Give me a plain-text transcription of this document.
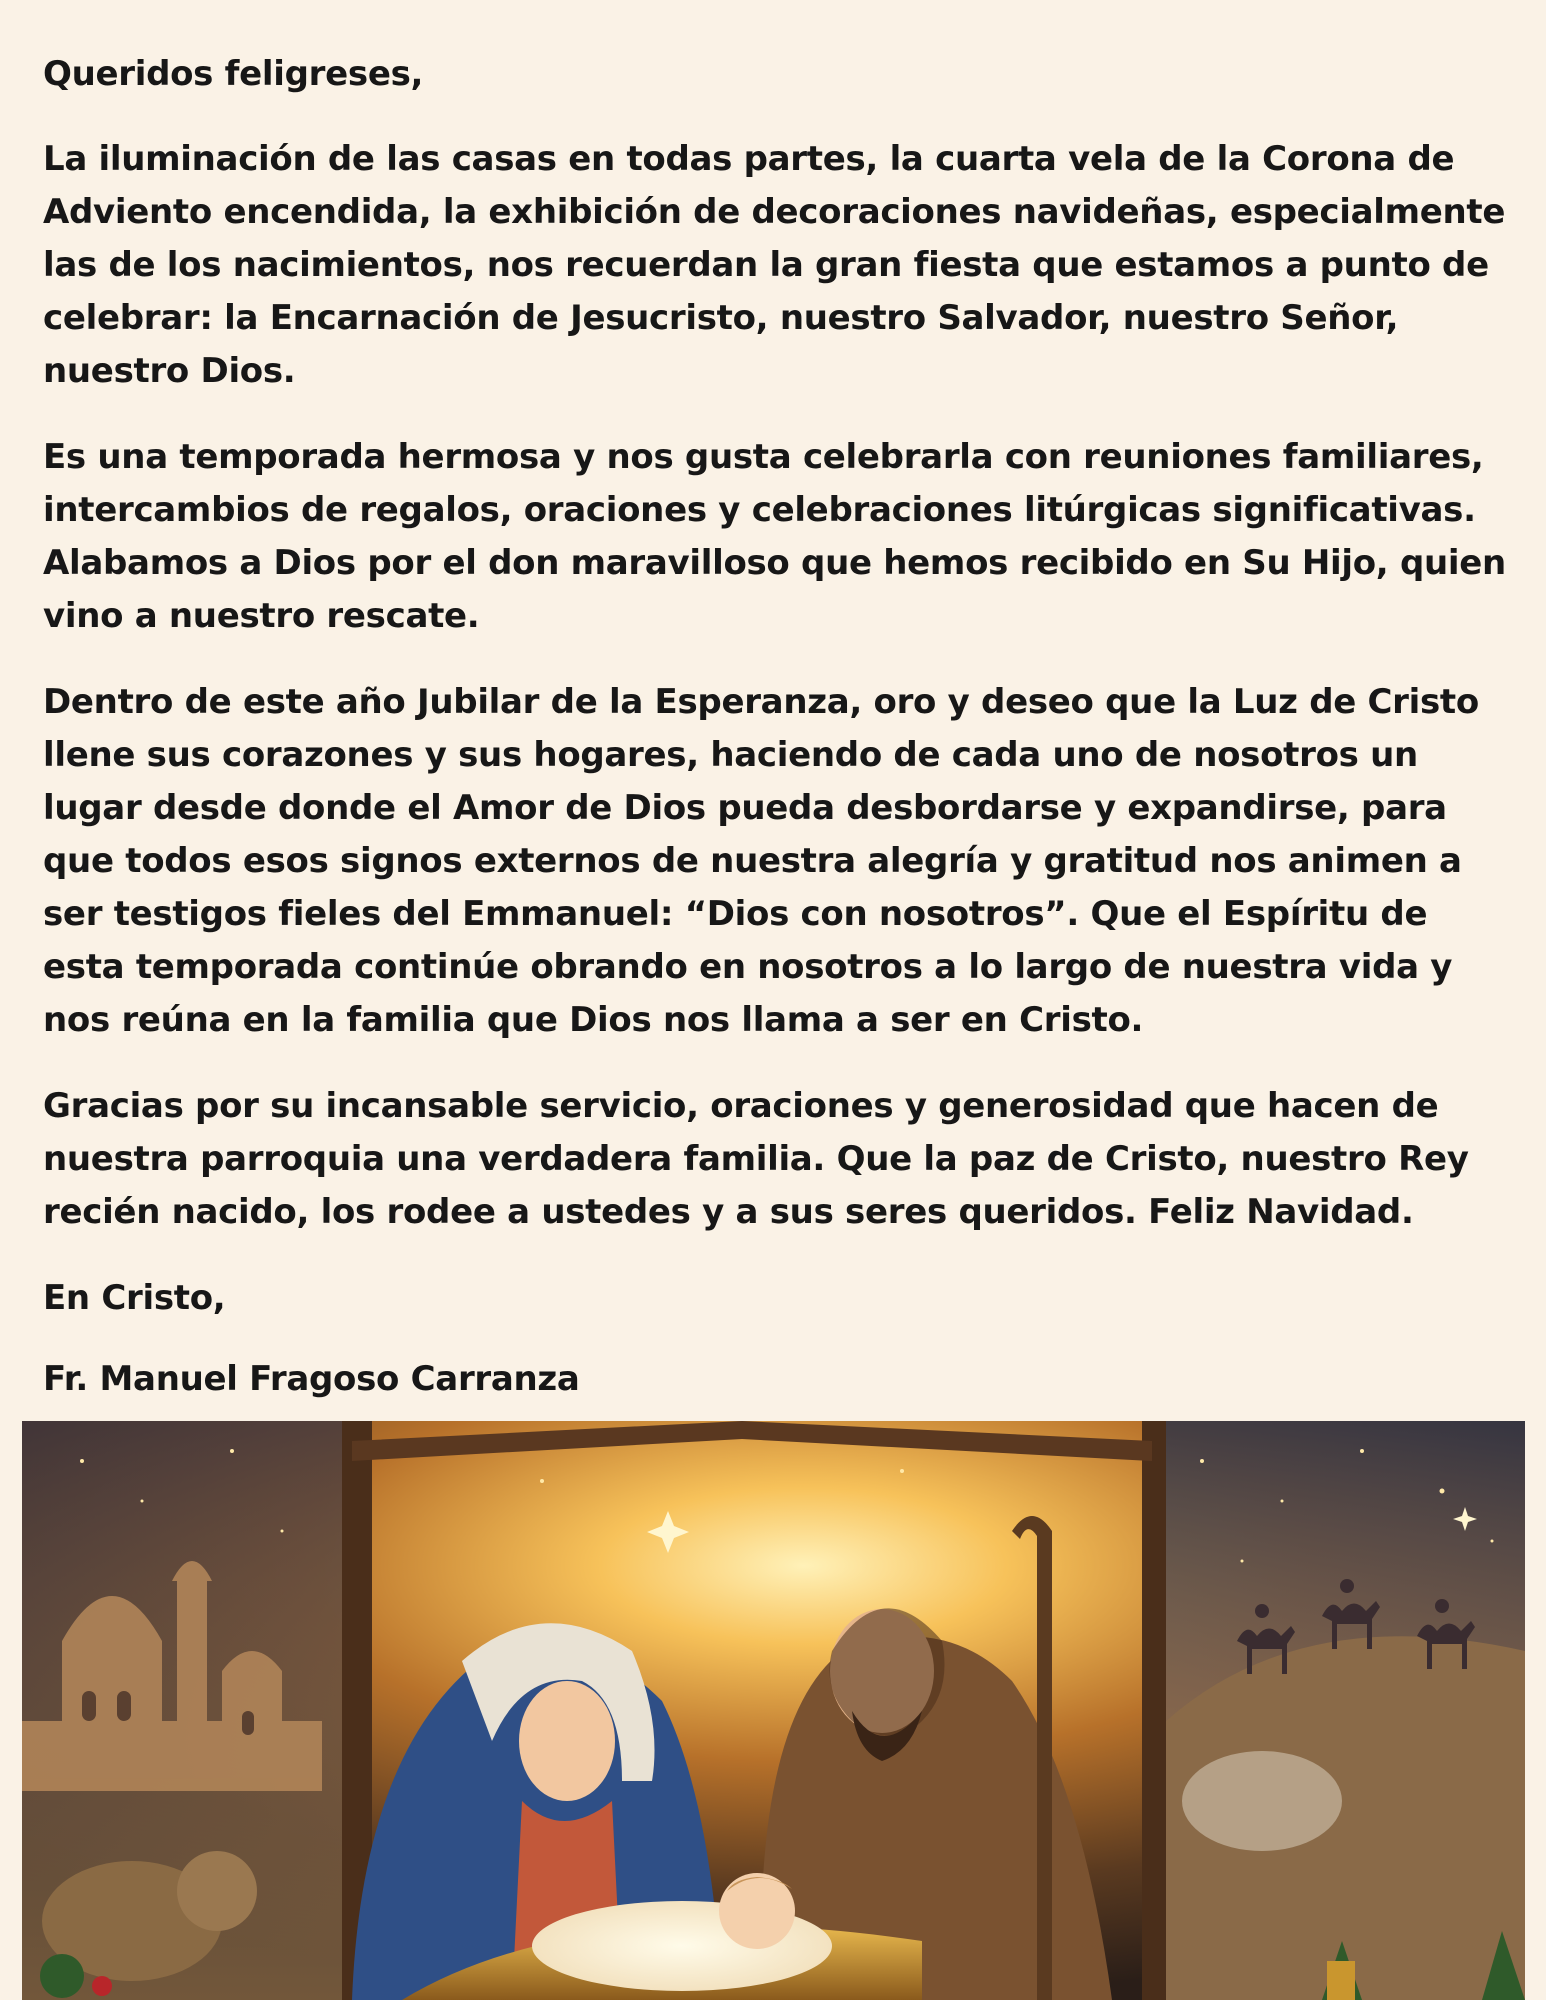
Queridos feligreses,

La iluminación de las casas en todas partes, la cuarta vela de la Corona de Adviento encendida, la exhibición de decoraciones navideñas, especialmente las de los nacimientos, nos recuerdan la gran fiesta que estamos a punto de celebrar: la Encarnación de Jesucristo, nuestro Salvador, nuestro Señor, nuestro Dios.

Es una temporada hermosa y nos gusta celebrarla con reuniones familiares, intercambios de regalos, oraciones y celebraciones litúrgicas significativas. Alabamos a Dios por el don maravilloso que hemos recibido en Su Hijo, quien vino a nuestro rescate.

Dentro de este año Jubilar de la Esperanza, oro y deseo que la Luz de Cristo llene sus corazones y sus hogares, haciendo de cada uno de nosotros un lugar desde donde el Amor de Dios pueda desbordarse y expandirse, para que todos esos signos externos de nuestra alegría y gratitud nos animen a ser testigos fieles del Emmanuel: “Dios con nosotros”. Que el Espíritu de esta temporada continúe obrando en nosotros a lo largo de nuestra vida y nos reúna en la familia que Dios nos llama a ser en Cristo.

Gracias por su incansable servicio, oraciones y generosidad que hacen de nuestra parroquia una verdadera familia. Que la paz de Cristo, nuestro Rey recién nacido, los rodee a ustedes y a sus seres queridos. Feliz Navidad.

En Cristo,

Fr. Manuel Fragoso Carranza
